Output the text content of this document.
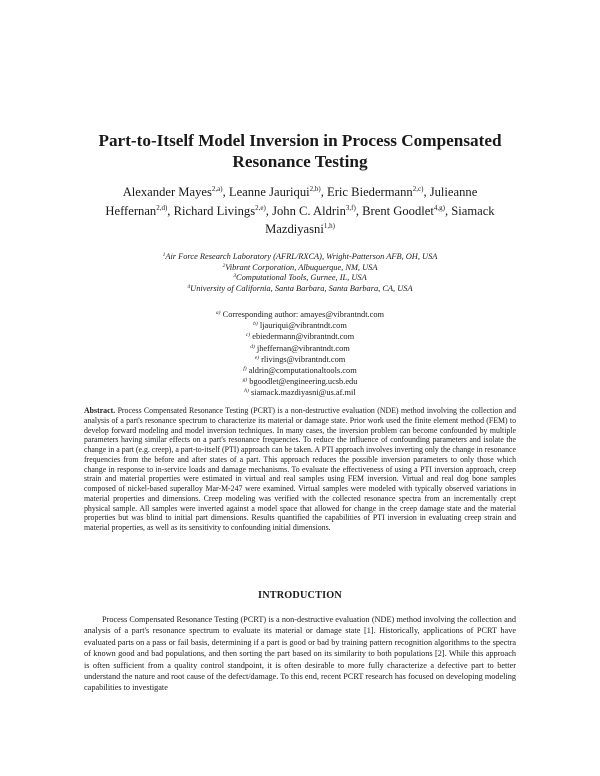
Part-to-Itself Model Inversion in Process Compensated
Resonance Testing
Alexander Mayes$^{2,a)}$, Leanne Jauriqui$^{2,b)}$, Eric Biedermann$^{2,c)}$, Julieanne Heffernan$^{2,d)}$, Richard Livings$^{2,e)}$, John C. Aldrin$^{3,f)}$, Brent Goodlet$^{4,g)}$, Siamack Mazdiyasni$^{1,h)}$
$^1$Air Force Research Laboratory (AFRL/RXCA), Wright-Patterson AFB, OH, USA
$^2$Vibrant Corporation, Albuquerque, NM, USA
$^3$Computational Tools, Gurnee, IL, USA
$^4$University of California, Santa Barbara, Santa Barbara, CA, USA
$^{a)}$ Corresponding author: amayes@vibrantndt.com
$^{b)}$ ljauriqui@vibrantndt.com
$^{c)}$ ebiedermann@vibrantndt.com
$^{d)}$ jheffernan@vibrantndt.com
$^{e)}$ rlivings@vibrantndt.com
$^{f)}$ aldrin@computationaltools.com
$^{g)}$ bgoodlet@engineering.ucsb.edu
$^{h)}$ siamack.mazdiyasni@us.af.mil
Abstract. Process Compensated Resonance Testing (PCRT) is a non-destructive evaluation (NDE) method involving the collection and analysis of a part's resonance spectrum to characterize its material or damage state. Prior work used the finite element method (FEM) to develop forward modeling and model inversion techniques. In many cases, the inversion problem can become confounded by multiple parameters having similar effects on a part's resonance frequencies. To reduce the influence of confounding parameters and isolate the change in a part (e.g. creep), a part-to-itself (PTI) approach can be taken. A PTI approach involves inverting only the change in resonance frequencies from the before and after states of a part. This approach reduces the possible inversion parameters to only those which change in response to in-service loads and damage mechanisms. To evaluate the effectiveness of using a PTI inversion approach, creep strain and material properties were estimated in virtual and real samples using FEM inversion. Virtual and real dog bone samples composed of nickel-based superalloy Mar-M-247 were examined. Virtual samples were modeled with typically observed variations in material properties and dimensions. Creep modeling was verified with the collected resonance spectra from an incrementally crept physical sample. All samples were inverted against a model space that allowed for change in the creep damage state and the material properties but was blind to initial part dimensions. Results quantified the capabilities of PTI inversion in evaluating creep strain and material properties, as well as its sensitivity to confounding initial dimensions.
INTRODUCTION
Process Compensated Resonance Testing (PCRT) is a non-destructive evaluation (NDE) method involving the collection and analysis of a part's resonance spectrum to evaluate its material or damage state [1]. Historically, applications of PCRT have evaluated parts on a pass or fail basis, determining if a part is good or bad by training pattern recognition algorithms to the spectra of known good and bad populations, and then sorting the part based on its similarity to both populations [2]. While this approach is often sufficient from a quality control standpoint, it is often desirable to more fully characterize a defective part to better understand the nature and root cause of the defect/damage. To this end, recent PCRT research has focused on developing modeling capabilities to investigate
